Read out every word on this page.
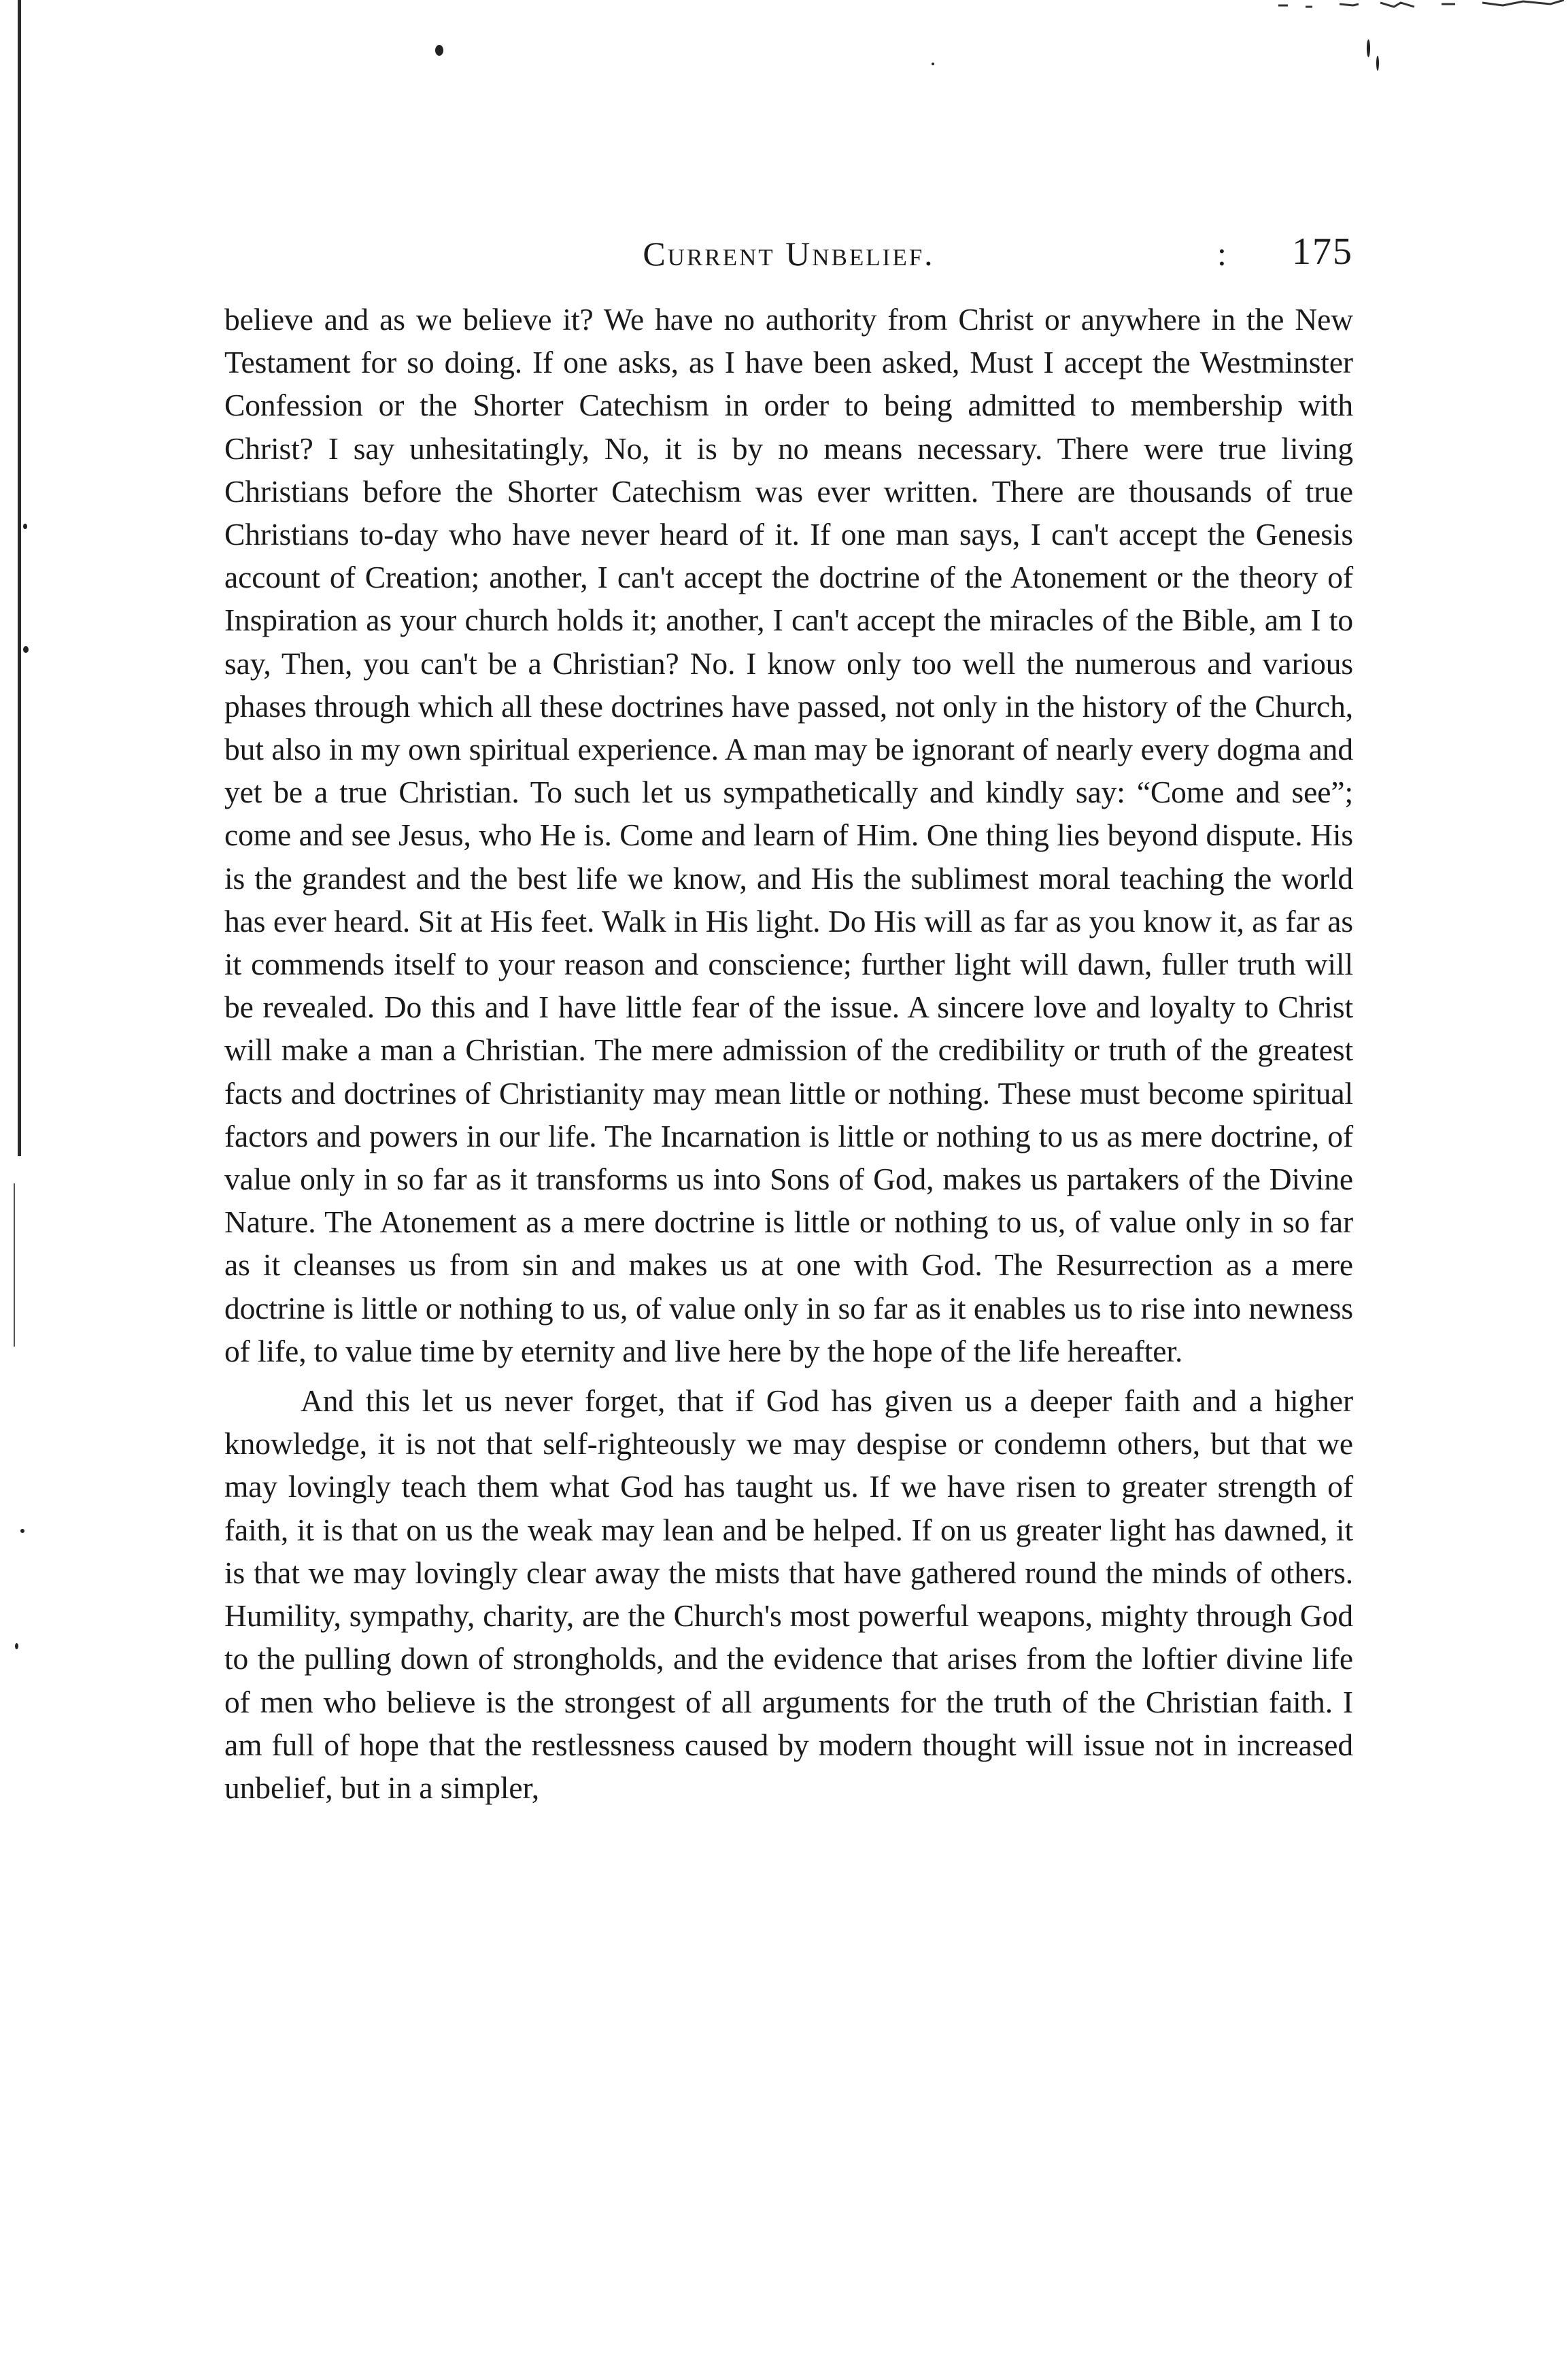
Current Unbelief.	: 175

believe and as we believe it? We have no authority from Christ or anywhere in the New Testament for so doing. If one asks, as I have been asked, Must I accept the Westminster Confession or the Shorter Catechism in order to being admitted to membership with Christ? I say unhesitatingly, No, it is by no means necessary. There were true living Christians before the Shorter Catechism was ever written. There are thousands of true Christians to-day who have never heard of it. If one man says, I can't accept the Genesis account of Creation; another, I can't accept the doctrine of the Atonement or the theory of Inspiration as your church holds it; another, I can't accept the miracles of the Bible, am I to say, Then, you can't be a Christian? No. I know only too well the numerous and various phases through which all these doctrines have passed, not only in the history of the Church, but also in my own spiritual experience. A man may be ignorant of nearly every dogma and yet be a true Christian. To such let us sympathetically and kindly say: “Come and see”; come and see Jesus, who He is. Come and learn of Him. One thing lies beyond dispute. His is the grandest and the best life we know, and His the sublimest moral teaching the world has ever heard. Sit at His feet. Walk in His light. Do His will as far as you know it, as far as it commends itself to your reason and conscience; further light will dawn, fuller truth will be revealed. Do this and I have little fear of the issue. A sincere love and loyalty to Christ will make a man a Christian. The mere admission of the credibility or truth of the greatest facts and doctrines of Christianity may mean little or nothing. These must become spiritual factors and powers in our life. The Incarnation is little or nothing to us as mere doctrine, of value only in so far as it transforms us into Sons of God, makes us partakers of the Divine Nature. The Atonement as a mere doctrine is little or nothing to us, of value only in so far as it cleanses us from sin and makes us at one with God. The Resurrection as a mere doctrine is little or nothing to us, of value only in so far as it enables us to rise into newness of life, to value time by eternity and live here by the hope of the life hereafter.

And this let us never forget, that if God has given us a deeper faith and a higher knowledge, it is not that self-righteously we may despise or condemn others, but that we may lovingly teach them what God has taught us. If we have risen to greater strength of faith, it is that on us the weak may lean and be helped. If on us greater light has dawned, it is that we may lovingly clear away the mists that have gathered round the minds of others. Humility, sympathy, charity, are the Church's most powerful weapons, mighty through God to the pulling down of strongholds, and the evidence that arises from the loftier divine life of men who believe is the strongest of all arguments for the truth of the Christian faith. I am full of hope that the restlessness caused by modern thought will issue not in increased unbelief, but in a simpler,
